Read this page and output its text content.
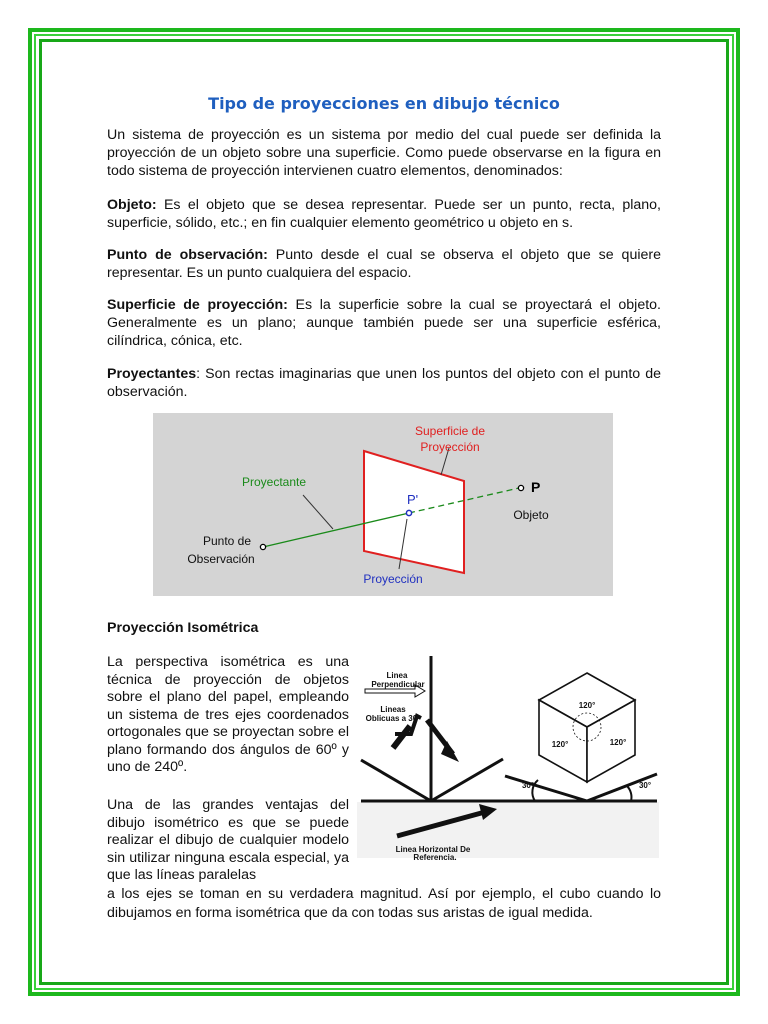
Tipo de proyecciones en dibujo técnico

Un sistema de proyección es un sistema por medio del cual puede ser definida la proyección de un objeto sobre una superficie. Como puede observarse en la figura en todo sistema de proyección intervienen cuatro elementos, denominados:

Objeto: Es el objeto que se desea representar. Puede ser un punto, recta, plano, superficie, sólido, etc.; en fin cualquier elemento geométrico u objeto en s.

Punto de observación: Punto desde el cual se observa el objeto que se quiere representar. Es un punto cualquiera del espacio.

Superficie de proyección: Es la superficie sobre la cual se proyectará el objeto. Generalmente es un plano; aunque también puede ser una superficie esférica, cilíndrica, cónica, etc.

Proyectantes: Son rectas imaginarias que unen los puntos del objeto con el punto de observación.

Superficie de
Proyección
Proyectante
P'
P
Objeto
Punto de
Observación
Proyección
Proyección Isométrica

La perspectiva isométrica es una técnica de proyección de objetos sobre el plano del papel, empleando un sistema de tres ejes coordenados ortogonales que se proyectan sobre el plano formando dos ángulos de 60º y uno de 240º.

Una de las grandes ventajas del dibujo isométrico es que se puede realizar el dibujo de cualquier modelo sin utilizar ninguna escala especial, ya que las líneas paralelas

a los ejes se toman en su verdadera magnitud. Así por ejemplo, el cubo cuando lo dibujamos en forma isométrica que da con todas sus aristas de igual medida.

Linea
Perpendicular
Lineas
Oblicuas a 30°
120°
120°	120°
30°	30°
Linea Horizontal De
Referencia.
